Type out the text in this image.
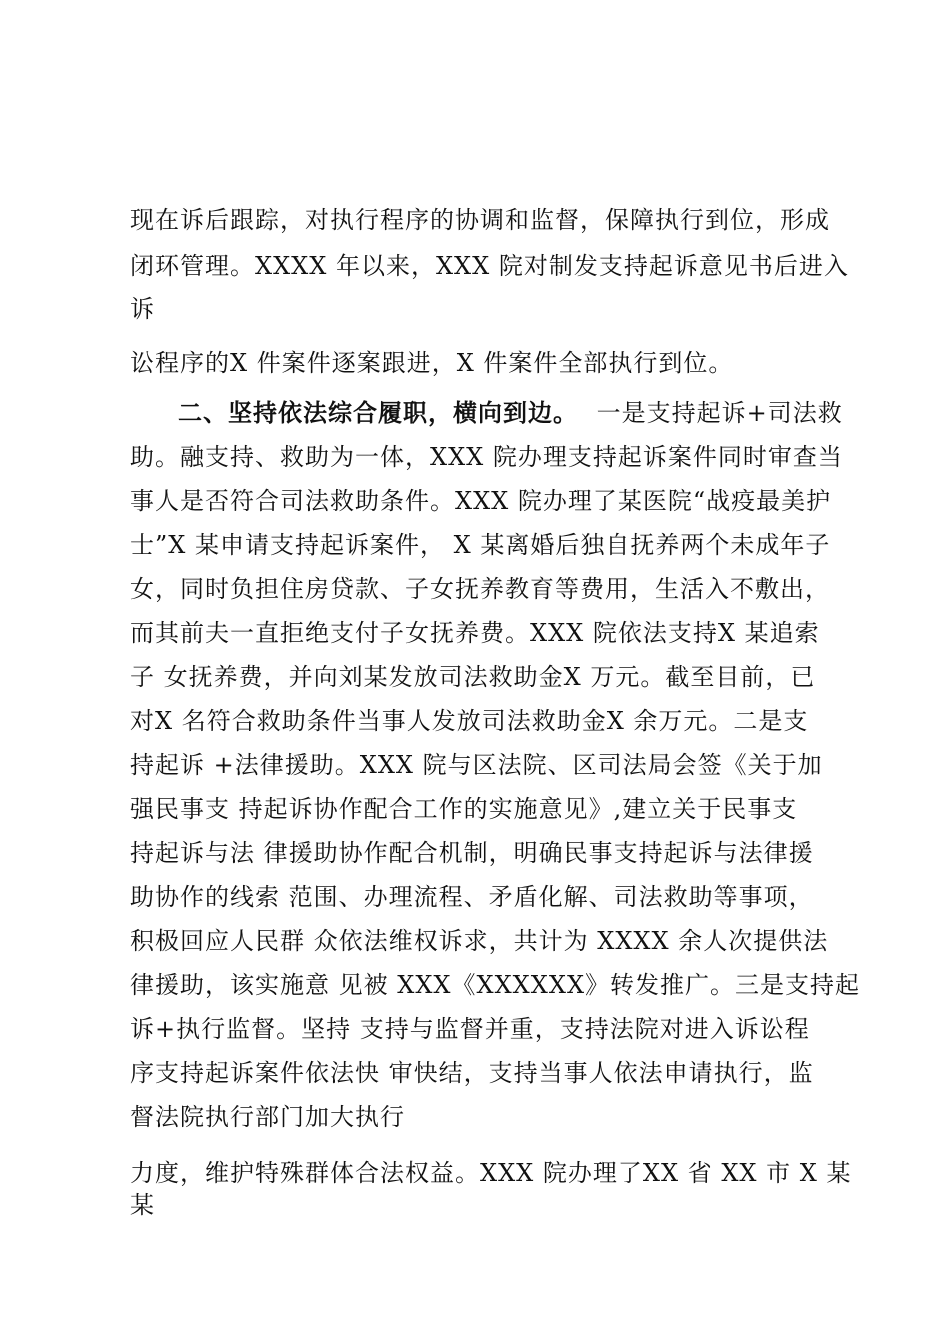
现在诉后跟踪，对执行程序的协调和监督，保障执行到位，形成
闭环管理。XXXX 年以来，XXX 院对制发支持起诉意见书后进入
诉
讼程序的X 件案件逐案跟进，X 件案件全部执行到位。
二、坚持依法综合履职，横向到边。 一是支持起诉+司法救
助。融支持、救助为一体，XXX 院办理支持起诉案件同时审查当
事人是否符合司法救助条件。XXX 院办理了某医院“战疫最美护
士”X 某申请支持起诉案件， X 某离婚后独自抚养两个未成年子
女，同时负担住房贷款、子女抚养教育等费用，生活入不敷出，
而其前夫一直拒绝支付子女抚养费。XXX 院依法支持X 某追索
子 女抚养费，并向刘某发放司法救助金X 万元。截至目前，已
对X 名符合救助条件当事人发放司法救助金X 余万元。二是支
持起诉 +法律援助。XXX 院与区法院、区司法局会签《关于加
强民事支 持起诉协作配合工作的实施意见》,建立关于民事支
持起诉与法 律援助协作配合机制，明确民事支持起诉与法律援
助协作的线索 范围、办理流程、矛盾化解、司法救助等事项，
积极回应人民群 众依法维权诉求，共计为 XXXX 余人次提供法
律援助，该实施意 见被 XXX《XXXXXX》转发推广。三是支持起
诉+执行监督。坚持 支持与监督并重，支持法院对进入诉讼程
序支持起诉案件依法快 审快结，支持当事人依法申请执行，监
督法院执行部门加大执行
力度，维护特殊群体合法权益。XXX 院办理了XX 省 XX 市 X 某
某
